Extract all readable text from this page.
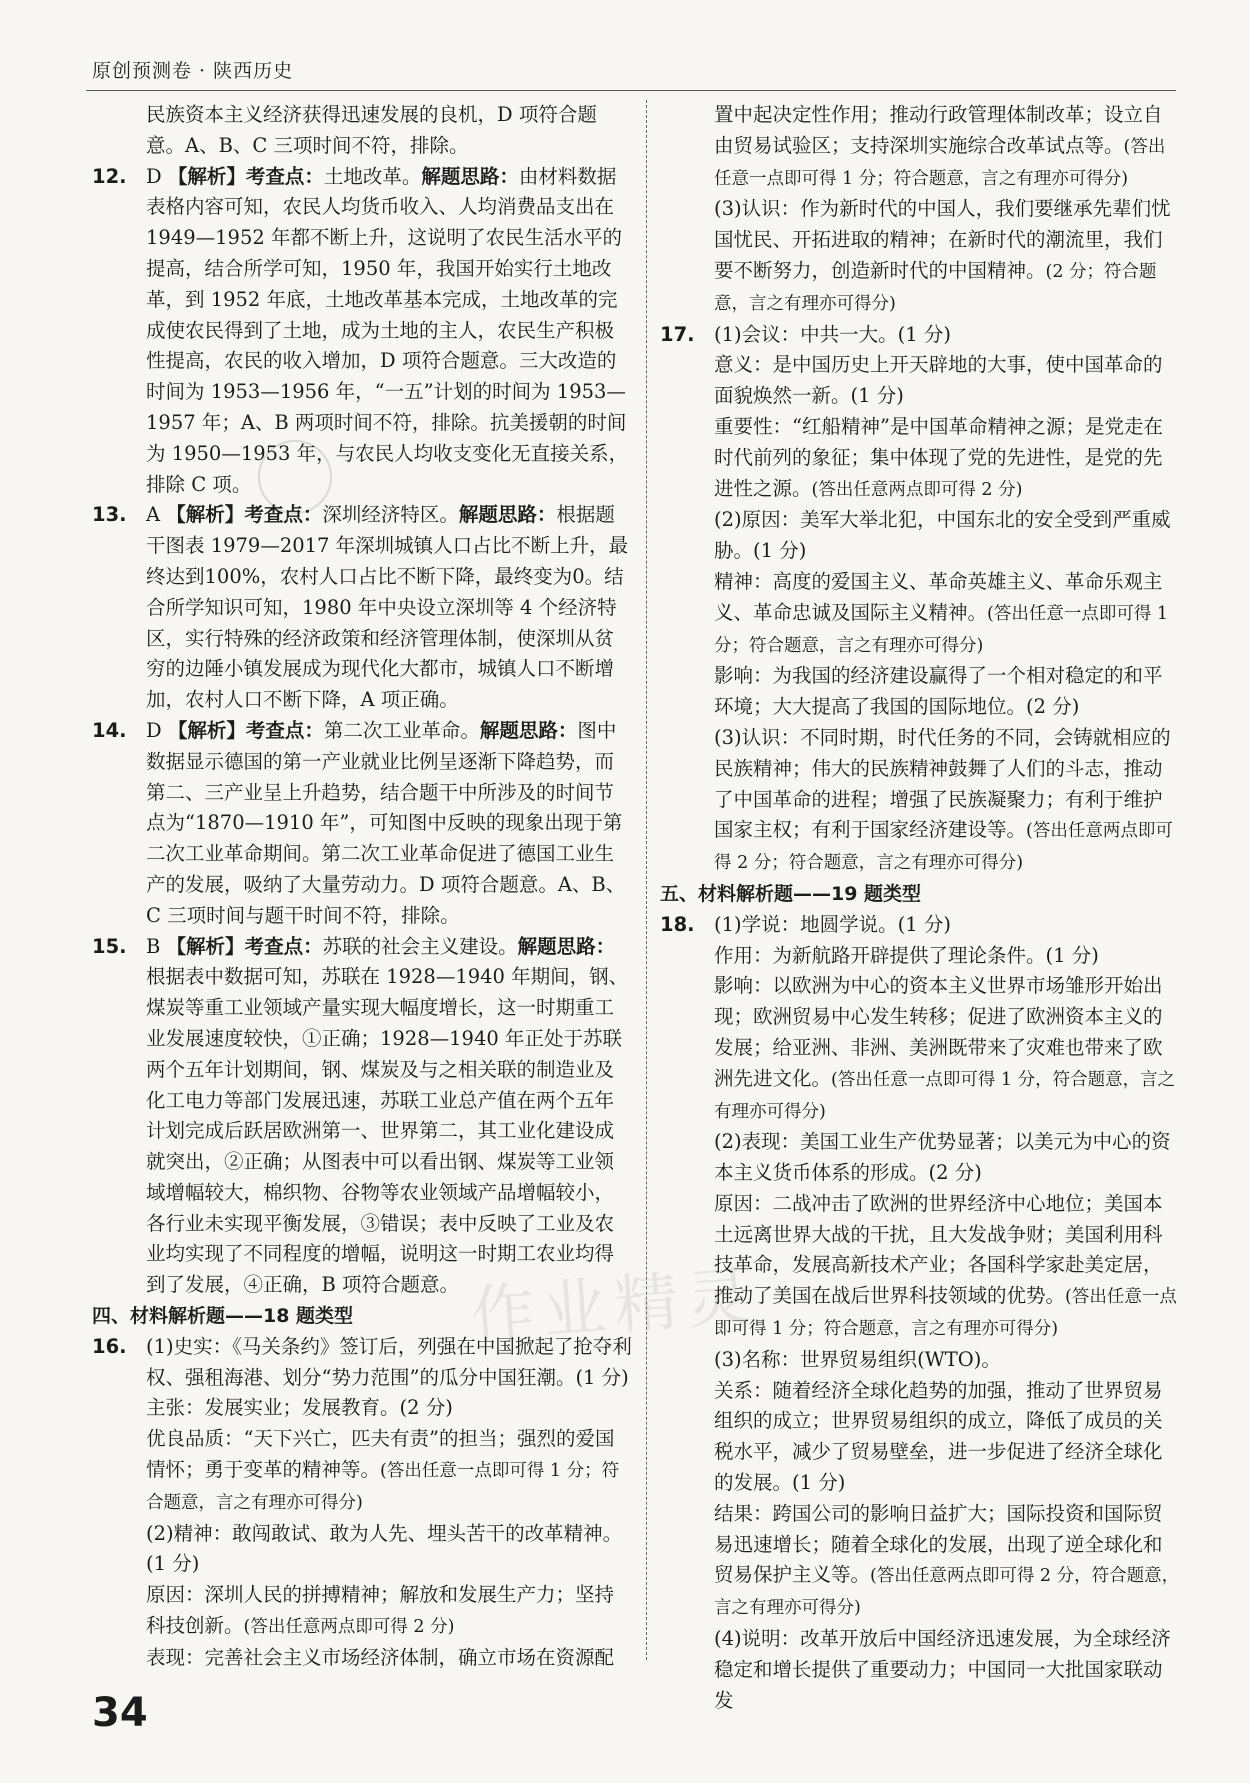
原创预测卷 · 陕西历史
作业精灵
民族资本主义经济获得迅速发展的良机，D 项符合题意。A、B、C 三项时间不符，排除。
12. D 【解析】考查点：土地改革。解题思路：由材料数据表格内容可知，农民人均货币收入、人均消费品支出在 1949—1952 年都不断上升，这说明了农民生活水平的提高，结合所学可知，1950 年，我国开始实行土地改革，到 1952 年底，土地改革基本完成，土地改革的完成使农民得到了土地，成为土地的主人，农民生产积极性提高，农民的收入增加，D 项符合题意。三大改造的时间为 1953—1956 年，“一五”计划的时间为 1953—1957 年；A、B 两项时间不符，排除。抗美援朝的时间为 1950—1953 年，与农民人均收支变化无直接关系，排除 C 项。
13. A 【解析】考查点：深圳经济特区。解题思路：根据题干图表 1979—2017 年深圳城镇人口占比不断上升，最终达到100%，农村人口占比不断下降，最终变为0。结合所学知识可知，1980 年中央设立深圳等 4 个经济特区，实行特殊的经济政策和经济管理体制，使深圳从贫穷的边陲小镇发展成为现代化大都市，城镇人口不断增加，农村人口不断下降，A 项正确。
14. D 【解析】考查点：第二次工业革命。解题思路：图中数据显示德国的第一产业就业比例呈逐渐下降趋势，而第二、三产业呈上升趋势，结合题干中所涉及的时间节点为“1870—1910 年”，可知图中反映的现象出现于第二次工业革命期间。第二次工业革命促进了德国工业生产的发展，吸纳了大量劳动力。D 项符合题意。A、B、C 三项时间与题干时间不符，排除。
15. B 【解析】考查点：苏联的社会主义建设。解题思路：根据表中数据可知，苏联在 1928—1940 年期间，钢、煤炭等重工业领域产量实现大幅度增长，这一时期重工业发展速度较快，①正确；1928—1940 年正处于苏联两个五年计划期间，钢、煤炭及与之相关联的制造业及化工电力等部门发展迅速，苏联工业总产值在两个五年计划完成后跃居欧洲第一、世界第二，其工业化建设成就突出，②正确；从图表中可以看出钢、煤炭等工业领域增幅较大，棉织物、谷物等农业领域产品增幅较小，各行业未实现平衡发展，③错误；表中反映了工业及农业均实现了不同程度的增幅，说明这一时期工农业均得到了发展，④正确，B 项符合题意。
四、材料解析题——18 题类型
16. (1)史实：《马关条约》签订后，列强在中国掀起了抢夺利权、强租海港、划分“势力范围”的瓜分中国狂潮。(1 分)
主张：发展实业；发展教育。(2 分)
优良品质：“天下兴亡，匹夫有责”的担当；强烈的爱国情怀；勇于变革的精神等。(答出任意一点即可得 1 分；符合题意，言之有理亦可得分)
(2)精神：敢闯敢试、敢为人先、埋头苦干的改革精神。(1 分)
原因：深圳人民的拼搏精神；解放和发展生产力；坚持科技创新。(答出任意两点即可得 2 分)
表现：完善社会主义市场经济体制，确立市场在资源配
置中起决定性作用；推动行政管理体制改革；设立自由贸易试验区；支持深圳实施综合改革试点等。(答出任意一点即可得 1 分；符合题意，言之有理亦可得分)
(3)认识：作为新时代的中国人，我们要继承先辈们忧国忧民、开拓进取的精神；在新时代的潮流里，我们要不断努力，创造新时代的中国精神。(2 分；符合题意，言之有理亦可得分)
17. (1)会议：中共一大。(1 分)
意义：是中国历史上开天辟地的大事，使中国革命的面貌焕然一新。(1 分)
重要性：“红船精神”是中国革命精神之源；是党走在时代前列的象征；集中体现了党的先进性，是党的先进性之源。(答出任意两点即可得 2 分)
(2)原因：美军大举北犯，中国东北的安全受到严重威胁。(1 分)
精神：高度的爱国主义、革命英雄主义、革命乐观主义、革命忠诚及国际主义精神。(答出任意一点即可得 1 分；符合题意，言之有理亦可得分)
影响：为我国的经济建设赢得了一个相对稳定的和平环境；大大提高了我国的国际地位。(2 分)
(3)认识：不同时期，时代任务的不同，会铸就相应的民族精神；伟大的民族精神鼓舞了人们的斗志，推动了中国革命的进程；增强了民族凝聚力；有利于维护国家主权；有利于国家经济建设等。(答出任意两点即可得 2 分；符合题意，言之有理亦可得分)
五、材料解析题——19 题类型
18. (1)学说：地圆学说。(1 分)
作用：为新航路开辟提供了理论条件。(1 分)
影响：以欧洲为中心的资本主义世界市场雏形开始出现；欧洲贸易中心发生转移；促进了欧洲资本主义的发展；给亚洲、非洲、美洲既带来了灾难也带来了欧洲先进文化。(答出任意一点即可得 1 分，符合题意，言之有理亦可得分)
(2)表现：美国工业生产优势显著；以美元为中心的资本主义货币体系的形成。(2 分)
原因：二战冲击了欧洲的世界经济中心地位；美国本土远离世界大战的干扰，且大发战争财；美国利用科技革命，发展高新技术产业；各国科学家赴美定居，推动了美国在战后世界科技领域的优势。(答出任意一点即可得 1 分；符合题意，言之有理亦可得分)
(3)名称：世界贸易组织(WTO)。
关系：随着经济全球化趋势的加强，推动了世界贸易组织的成立；世界贸易组织的成立，降低了成员的关税水平，减少了贸易壁垒，进一步促进了经济全球化的发展。(1 分)
结果：跨国公司的影响日益扩大；国际投资和国际贸易迅速增长；随着全球化的发展，出现了逆全球化和贸易保护主义等。(答出任意两点即可得 2 分，符合题意，言之有理亦可得分)
(4)说明：改革开放后中国经济迅速发展，为全球经济稳定和增长提供了重要动力；中国同一大批国家联动发
34
